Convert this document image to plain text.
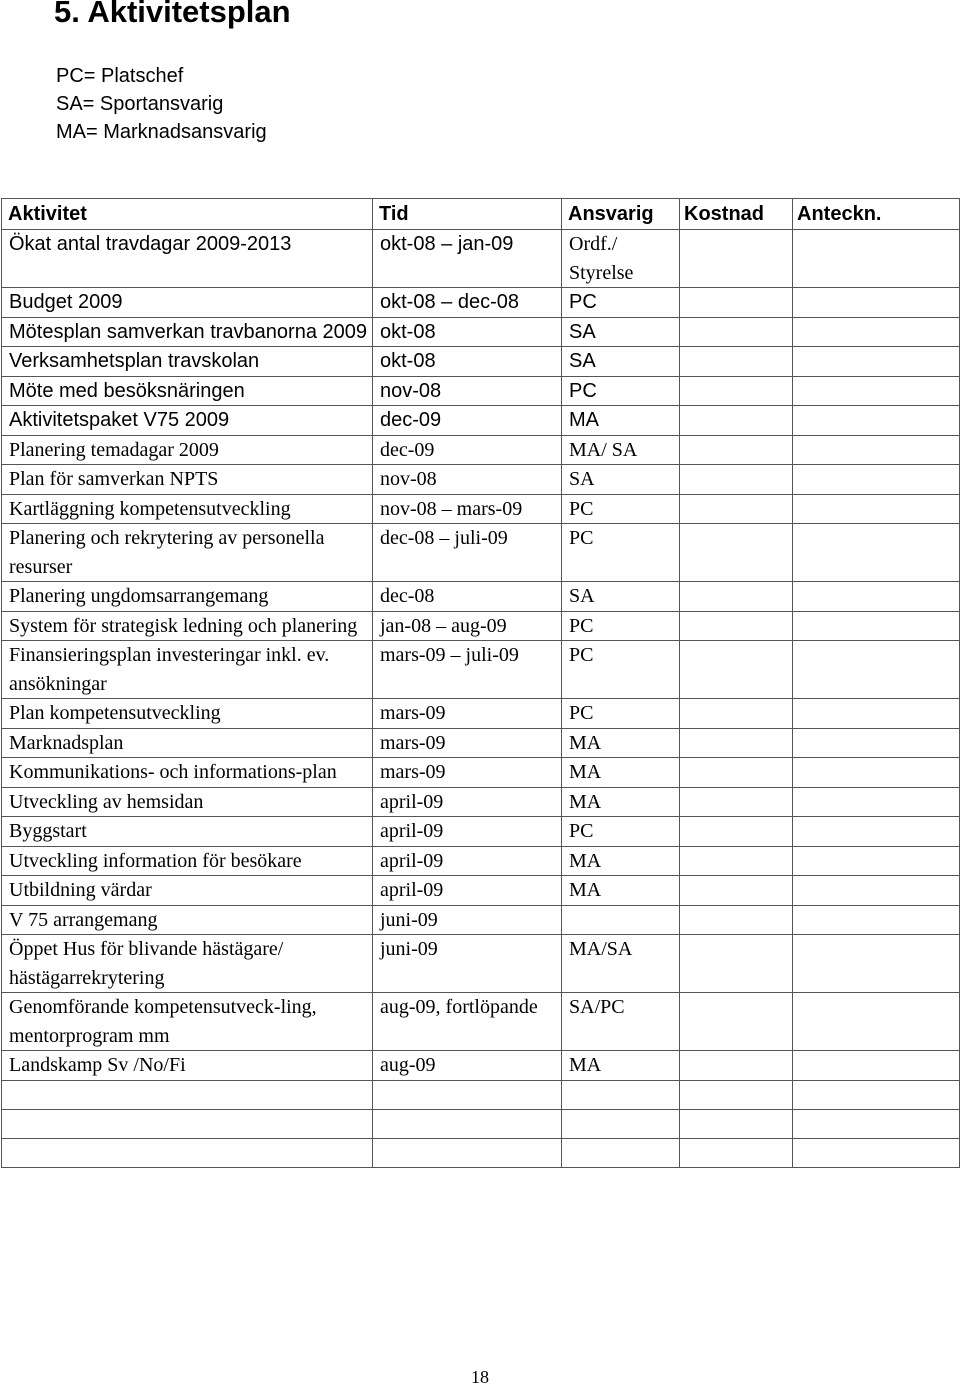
5. Aktivitetsplan
PC= Platschef
SA= Sportansvarig
MA= Marknadsansvarig
Aktivitet	Tid	Ansvarig	Kostnad	Anteckn.
Ökat antal travdagar 2009-2013	okt-08 – jan-09	Ordf./ Styrelse		
Budget 2009	okt-08 – dec-08	PC		
Mötesplan samverkan travbanorna 2009	okt-08	SA		
Verksamhetsplan travskolan	okt-08	SA		
Möte med besöksnäringen	nov-08	PC		
Aktivitetspaket V75 2009	dec-09	MA		
Planering temadagar 2009	dec-09	MA/ SA		
Plan för samverkan NPTS	nov-08	SA		
Kartläggning kompetensutveckling	nov-08 – mars-09	PC		
Planering och rekrytering av personella resurser	dec-08 – juli-09	PC		
Planering ungdomsarrangemang	dec-08	SA		
System för strategisk ledning och planering	jan-08 – aug-09	PC		
Finansieringsplan investeringar inkl. ev. ansökningar	mars-09 – juli-09	PC		
Plan kompetensutveckling	mars-09	PC		
Marknadsplan	mars-09	MA		
Kommunikations- och informations-plan	mars-09	MA		
Utveckling av hemsidan	april-09	MA		
Byggstart	april-09	PC		
Utveckling information för besökare	april-09	MA		
Utbildning värdar	april-09	MA		
V 75 arrangemang	juni-09			
Öppet Hus för blivande hästägare/ hästägarrekrytering	juni-09	MA/SA		
Genomförande kompetensutveck-ling, mentorprogram mm	aug-09, fortlöpande	SA/PC		
Landskamp Sv /No/Fi	aug-09	MA		

18
